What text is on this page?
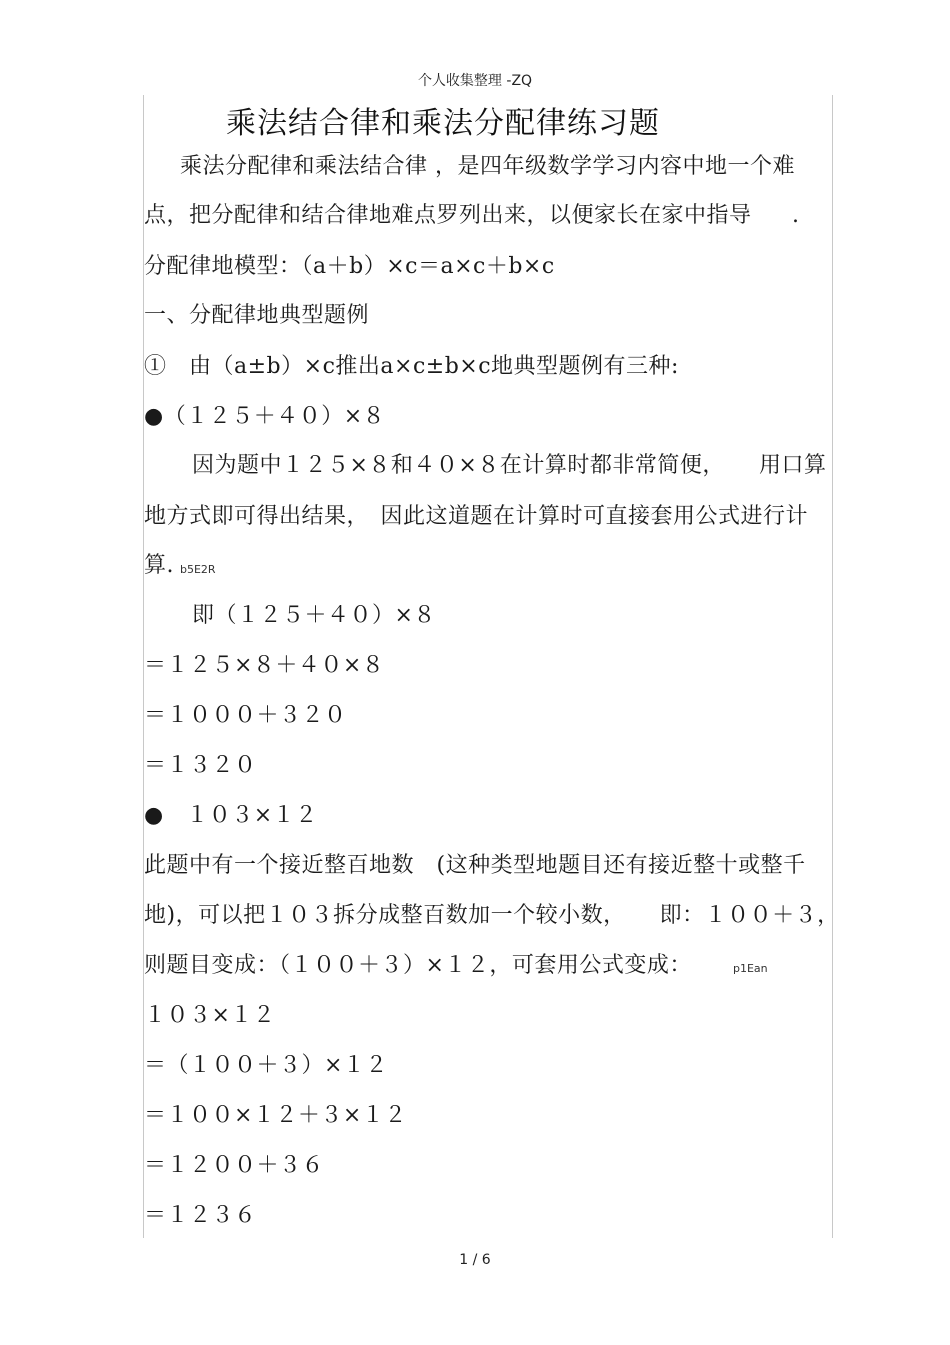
个人收集整理 -ZQ
乘法结合律和乘法分配律练习题
乘法分配律和乘法结合律 ，是四年级数学学习内容中地一个难
点，把分配律和结合律地难点罗列出来，以便家长在家中指导 .
分配律地模型：（a＋b）×c＝a×c＋b×c
一、分配律地典型题例
①　由（a±b）×c推出a×c±b×c地典型题例有三种:
●（１２５＋４０）×８
因为题中１２５×８和４０×８在计算时都非常简便， 用口算
地方式即可得出结果，　因此这道题在计算时可直接套用公式进行计
算. b5E2R
即（１２５＋４０）×８
＝１２５×８＋４０×８
＝１０００＋３２０
＝１３２０
●　１０３×１２
此题中有一个接近整百地数　(这种类型地题目还有接近整十或整千
地)，可以把１０３拆分成整百数加一个较小数，　　即：１００＋３，
则题目变成：（１００＋３）×１２，可套用公式变成：	p1Ean
１０３×１２
＝（１００＋３）×１２
＝１００×１２＋３×１２
＝１２００＋３６
＝１２３６
1 / 6
